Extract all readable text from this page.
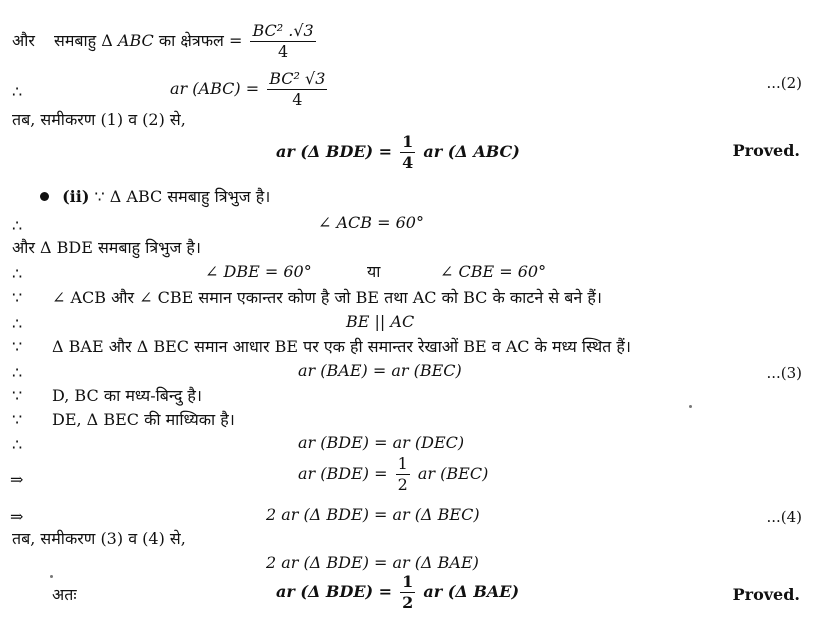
और समबाहु Δ ABC का क्षेत्रफल = $\frac{\text{BC² .√3}}{4}$
∴	ar $(ABC) = \frac{\text{BC² √3}}{4}$	...(2)
तब, समीकरण (1) व (2) से,
ar (Δ $BDE) = \frac{1}{4}$ ar (Δ ABC)	Proved.
(ii) ∵ Δ ABC समबाहु त्रिभुज है।
∴	∠ ACB = 60°
और Δ BDE समबाहु त्रिभुज है।
∴	∠ DBE = 60°	या	∠ CBE = 60°
∵ ∠ ACB और ∠ CBE समान एकान्तर कोण है जो BE तथा AC को BC के काटने से बने हैं।
∴	BE || AC
∵ Δ BAE और Δ BEC समान आधार BE पर एक ही समान्तर रेखाओं BE व AC के मध्य स्थित हैं।
∴	ar (BAE) = ar (BEC)	...(3)
∵ D, BC का मध्य-बिन्दु है।
∵ DE, Δ BEC की माध्यिका है।
∴	ar (BDE) = ar (DEC)
⇒	ar $(BDE) = \frac{1}{2}$ ar (BEC)
⇒	2 ar (Δ BDE) = ar (Δ BEC)	...(4)
तब, समीकरण (3) व (4) से,
2 ar (Δ BDE) = ar (Δ BAE)
अतः	ar (Δ $BDE) = \frac{1}{2}$ ar (Δ BAE)	Proved.
